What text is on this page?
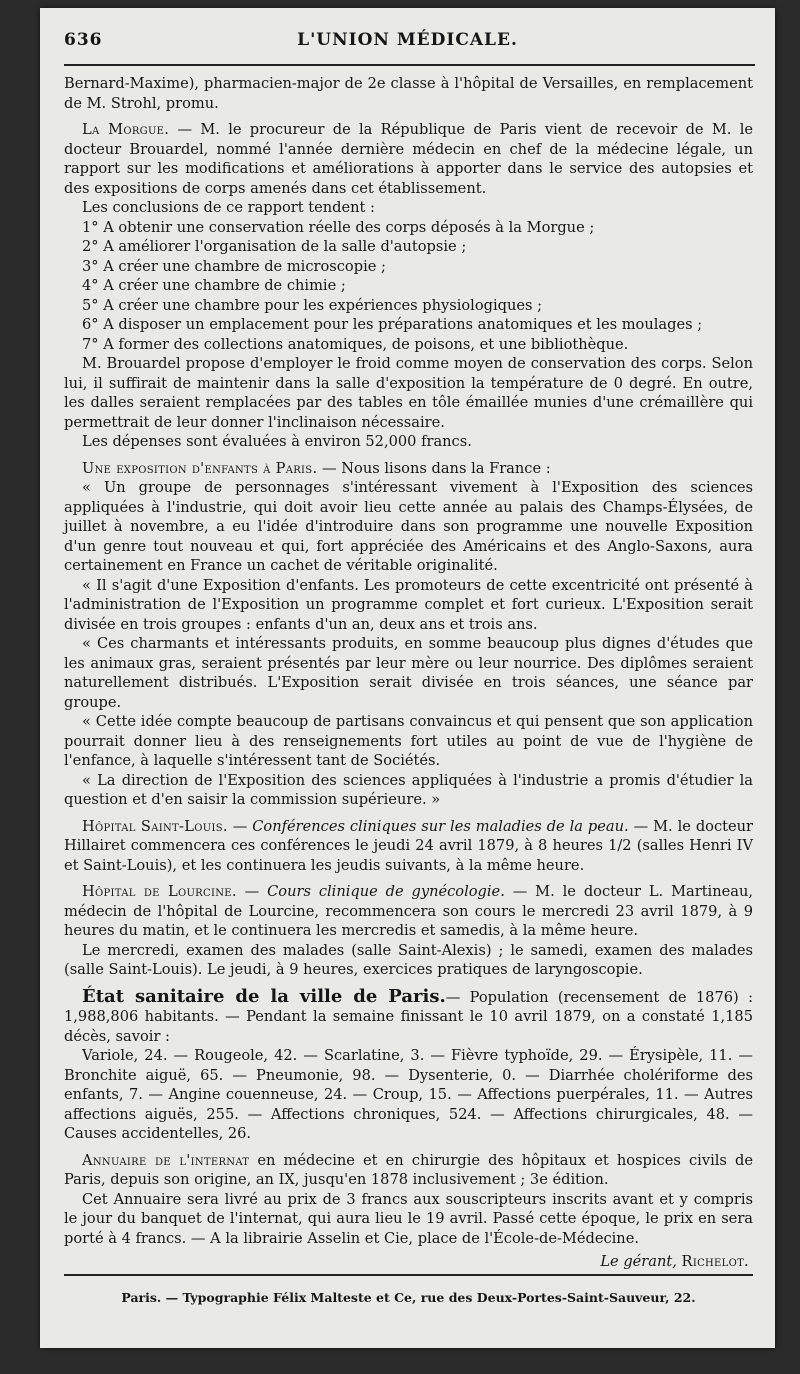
636	L'UNION MÉDICALE.

Bernard-Maxime), pharmacien-major de 2e classe à l'hôpital de Versailles, en remplacement de M. Strohl, promu.

La Morgue. — M. le procureur de la République de Paris vient de recevoir de M. le docteur Brouardel, nommé l'année dernière médecin en chef de la médecine légale, un rapport sur les modifications et améliorations à apporter dans le service des autopsies et des expositions de corps amenés dans cet établissement.

Les conclusions de ce rapport tendent :

1° A obtenir une conservation réelle des corps déposés à la Morgue ;

2° A améliorer l'organisation de la salle d'autopsie ;

3° A créer une chambre de microscopie ;

4° A créer une chambre de chimie ;

5° A créer une chambre pour les expériences physiologiques ;

6° A disposer un emplacement pour les préparations anatomiques et les moulages ;

7° A former des collections anatomiques, de poisons, et une bibliothèque.

M. Brouardel propose d'employer le froid comme moyen de conservation des corps. Selon lui, il suffirait de maintenir dans la salle d'exposition la température de 0 degré. En outre, les dalles seraient remplacées par des tables en tôle émaillée munies d'une crémaillère qui permettrait de leur donner l'inclinaison nécessaire.

Les dépenses sont évaluées à environ 52,000 francs.

Une exposition d'enfants à Paris. — Nous lisons dans la France :

« Un groupe de personnages s'intéressant vivement à l'Exposition des sciences appliquées à l'industrie, qui doit avoir lieu cette année au palais des Champs-Élysées, de juillet à novembre, a eu l'idée d'introduire dans son programme une nouvelle Exposition d'un genre tout nouveau et qui, fort appréciée des Américains et des Anglo-Saxons, aura certainement en France un cachet de véritable originalité.

« Il s'agit d'une Exposition d'enfants. Les promoteurs de cette excentricité ont présenté à l'administration de l'Exposition un programme complet et fort curieux. L'Exposition serait divisée en trois groupes : enfants d'un an, deux ans et trois ans.

« Ces charmants et intéressants produits, en somme beaucoup plus dignes d'études que les animaux gras, seraient présentés par leur mère ou leur nourrice. Des diplômes seraient naturellement distribués. L'Exposition serait divisée en trois séances, une séance par groupe.

« Cette idée compte beaucoup de partisans convaincus et qui pensent que son application pourrait donner lieu à des renseignements fort utiles au point de vue de l'hygiène de l'enfance, à laquelle s'intéressent tant de Sociétés.

« La direction de l'Exposition des sciences appliquées à l'industrie a promis d'étudier la question et d'en saisir la commission supérieure. »

Hôpital Saint-Louis. — Conférences cliniques sur les maladies de la peau. — M. le docteur Hillairet commencera ces conférences le jeudi 24 avril 1879, à 8 heures 1/2 (salles Henri IV et Saint-Louis), et les continuera les jeudis suivants, à la même heure.

Hôpital de Lourcine. — Cours clinique de gynécologie. — M. le docteur L. Martineau, médecin de l'hôpital de Lourcine, recommencera son cours le mercredi 23 avril 1879, à 9 heures du matin, et le continuera les mercredis et samedis, à la même heure.

Le mercredi, examen des malades (salle Saint-Alexis) ; le samedi, examen des malades (salle Saint-Louis). Le jeudi, à 9 heures, exercices pratiques de laryngoscopie.

État sanitaire de la ville de Paris.— Population (recensement de 1876) : 1,988,806 habitants. — Pendant la semaine finissant le 10 avril 1879, on a constaté 1,185 décès, savoir :

Variole, 24. — Rougeole, 42. — Scarlatine, 3. — Fièvre typhoïde, 29. — Érysipèle, 11. — Bronchite aiguë, 65. — Pneumonie, 98. — Dysenterie, 0. — Diarrhée cholériforme des enfants, 7. — Angine couenneuse, 24. — Croup, 15. — Affections puerpérales, 11. — Autres affections aiguës, 255. — Affections chroniques, 524. — Affections chirurgicales, 48. — Causes accidentelles, 26.

Annuaire de l'internat en médecine et en chirurgie des hôpitaux et hospices civils de Paris, depuis son origine, an IX, jusqu'en 1878 inclusivement ; 3e édition.

Cet Annuaire sera livré au prix de 3 francs aux souscripteurs inscrits avant et y compris le jour du banquet de l'internat, qui aura lieu le 19 avril. Passé cette époque, le prix en sera porté à 4 francs. — A la librairie Asselin et Cie, place de l'École-de-Médecine.

Le gérant, Richelot.

Paris. — Typographie Félix Malteste et Ce, rue des Deux-Portes-Saint-Sauveur, 22.
